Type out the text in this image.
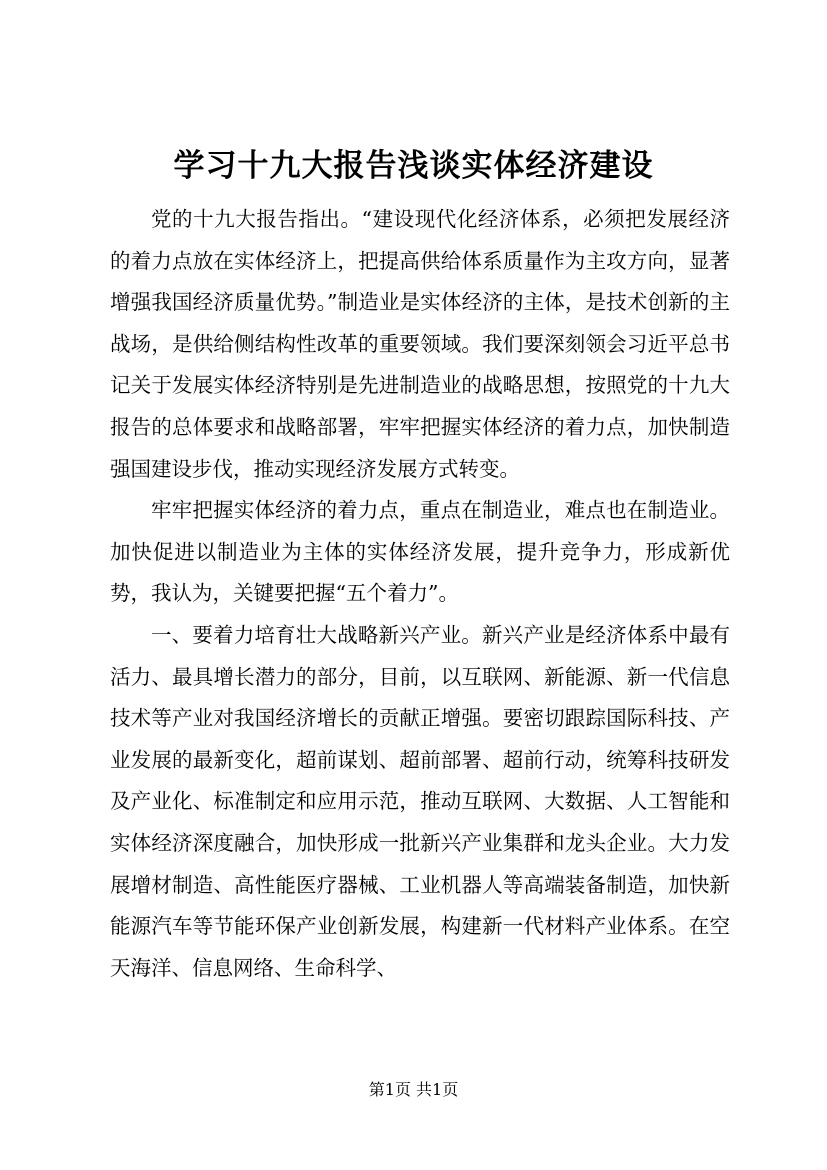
学习十九大报告浅谈实体经济建设

党的十九大报告指出。“建设现代化经济体系，必须把发展经济的着力点放在实体经济上，把提高供给体系质量作为主攻方向，显著增强我国经济质量优势。”制造业是实体经济的主体，是技术创新的主战场，是供给侧结构性改革的重要领域。我们要深刻领会习近平总书记关于发展实体经济特别是先进制造业的战略思想，按照党的十九大报告的总体要求和战略部署，牢牢把握实体经济的着力点，加快制造强国建设步伐，推动实现经济发展方式转变。

牢牢把握实体经济的着力点，重点在制造业，难点也在制造业。加快促进以制造业为主体的实体经济发展，提升竞争力，形成新优势，我认为，关键要把握“五个着力”。

一、要着力培育壮大战略新兴产业。新兴产业是经济体系中最有活力、最具增长潜力的部分，目前，以互联网、新能源、新一代信息技术等产业对我国经济增长的贡献正增强。要密切跟踪国际科技、产业发展的最新变化，超前谋划、超前部署、超前行动，统筹科技研发及产业化、标准制定和应用示范，推动互联网、大数据、人工智能和实体经济深度融合，加快形成一批新兴产业集群和龙头企业。大力发展增材制造、高性能医疗器械、工业机器人等高端装备制造，加快新能源汽车等节能环保产业创新发展，构建新一代材料产业体系。在空天海洋、信息网络、生命科学、

第1页 共1页
